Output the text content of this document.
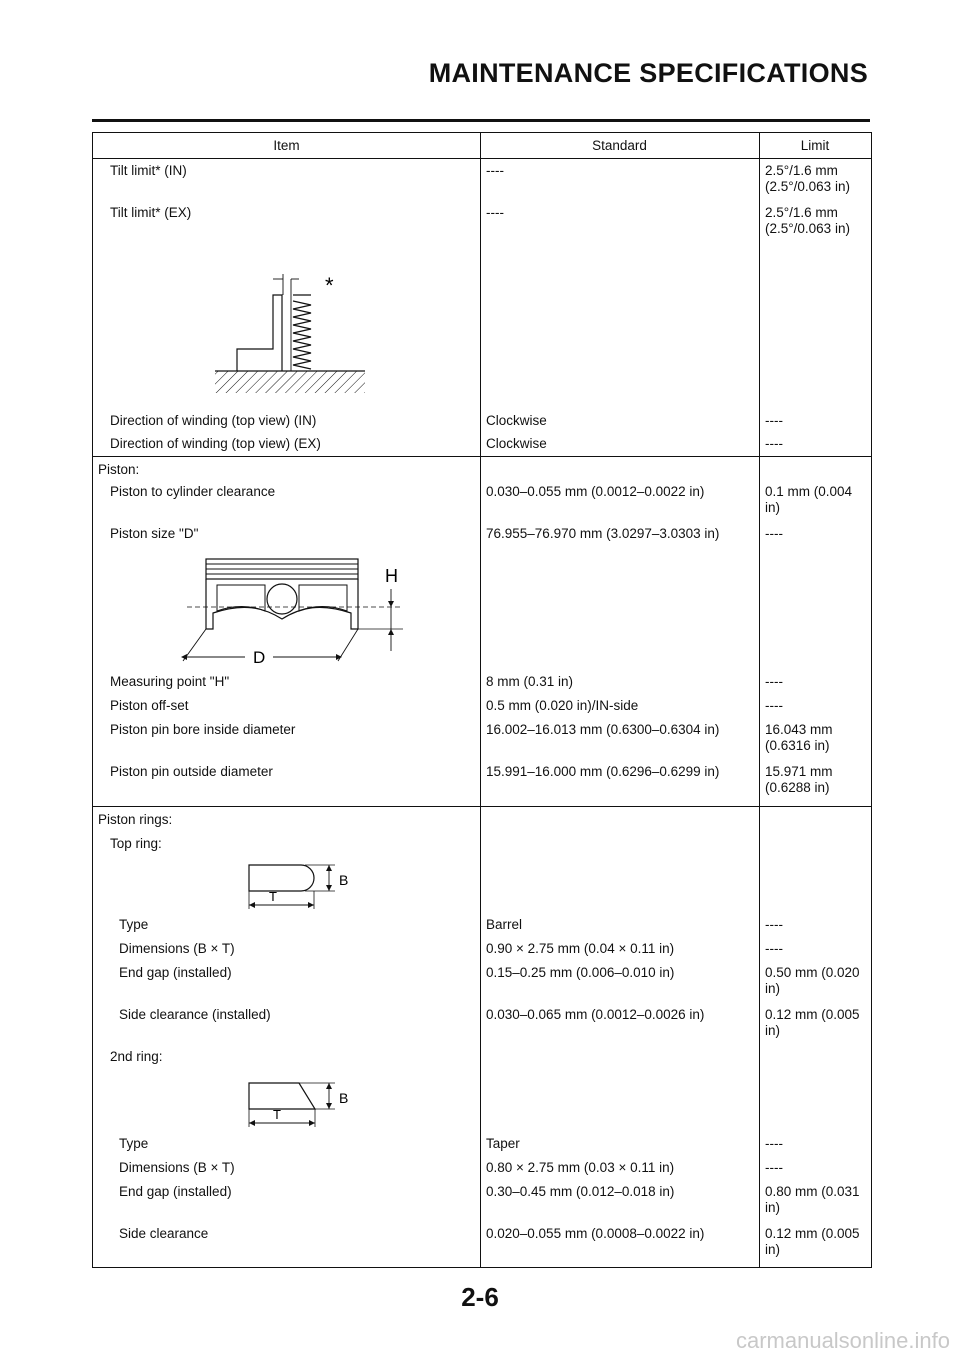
MAINTENANCE SPECIFICATIONS
Item	Standard	Limit
Tilt limit* (IN)	----	2.5°/1.6 mm (2.5°/0.063 in)
Tilt limit* (EX)	----	2.5°/1.6 mm (2.5°/0.063 in)
*
Direction of winding (top view) (IN)	Clockwise	----
Direction of winding (top view) (EX)	Clockwise	----
Piston:
Piston to cylinder clearance	0.030–0.055 mm (0.0012–0.0022 in)	0.1 mm (0.004 in)
Piston size "D"	76.955–76.970 mm (3.0297–3.0303 in)	----
H
D
Measuring point "H"	8 mm (0.31 in)	----
Piston off-set	0.5 mm (0.020 in)/IN-side	----
Piston pin bore inside diameter	16.002–16.013 mm (0.6300–0.6304 in)	16.043 mm (0.6316 in)
Piston pin outside diameter	15.991–16.000 mm (0.6296–0.6299 in)	15.971 mm (0.6288 in)
Piston rings:
Top ring:
B
T
Type	Barrel	----
Dimensions (B × T)	0.90 × 2.75 mm (0.04 × 0.11 in)	----
End gap (installed)	0.15–0.25 mm (0.006–0.010 in)	0.50 mm (0.020 in)
Side clearance (installed)	0.030–0.065 mm (0.0012–0.0026 in)	0.12 mm (0.005 in)
2nd ring:
B
T
Type	Taper	----
Dimensions (B × T)	0.80 × 2.75 mm (0.03 × 0.11 in)	----
End gap (installed)	0.30–0.45 mm (0.012–0.018 in)	0.80 mm (0.031 in)
Side clearance	0.020–0.055 mm (0.0008–0.0022 in)	0.12 mm (0.005 in)
2-6
carmanualsonline.info
